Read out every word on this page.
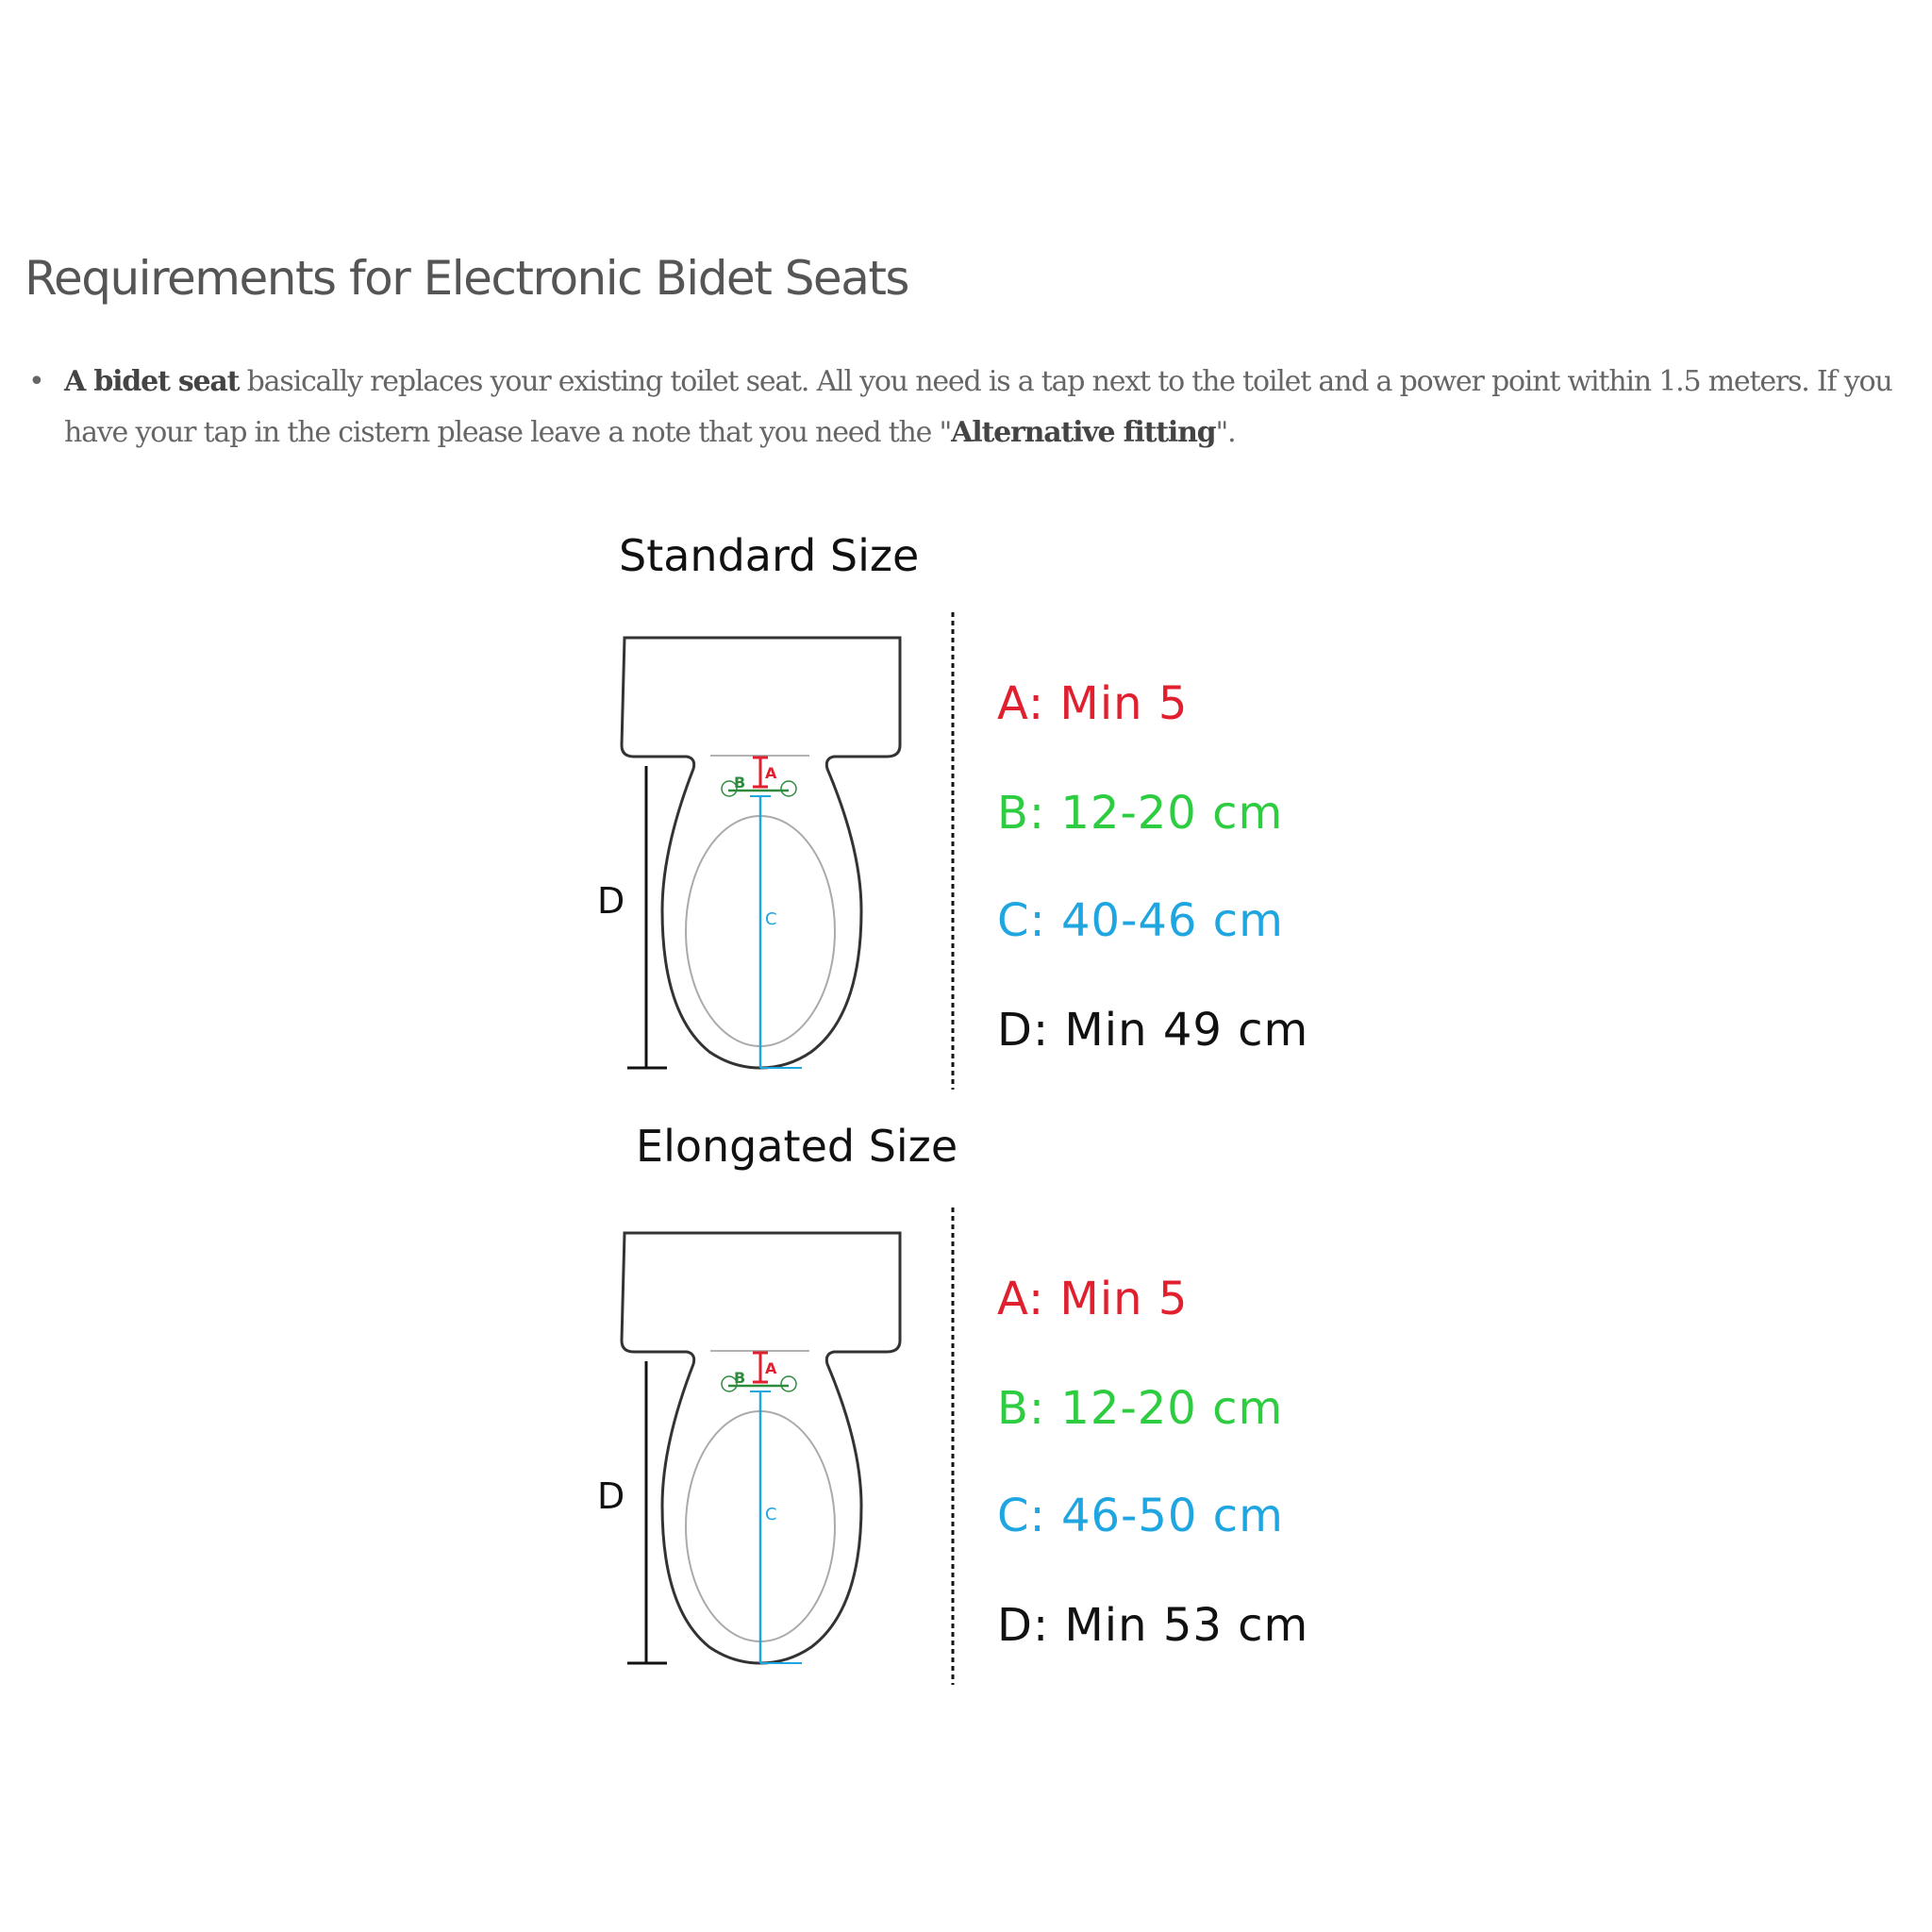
Requirements for Electronic Bidet Seats
• A bidet seat basically replaces your existing toilet seat. All you need is a tap next to the toilet and a power point within 1.5 meters. If you have your tap in the cistern please leave a note that you need the "Alternative fitting".
Standard Size
A: Min 5
B: 12-20 cm
C: 40-46 cm
D: Min 49 cm
Elongated Size
A: Min 5
B: 12-20 cm
C: 46-50 cm
D: Min 53 cm
D
D
